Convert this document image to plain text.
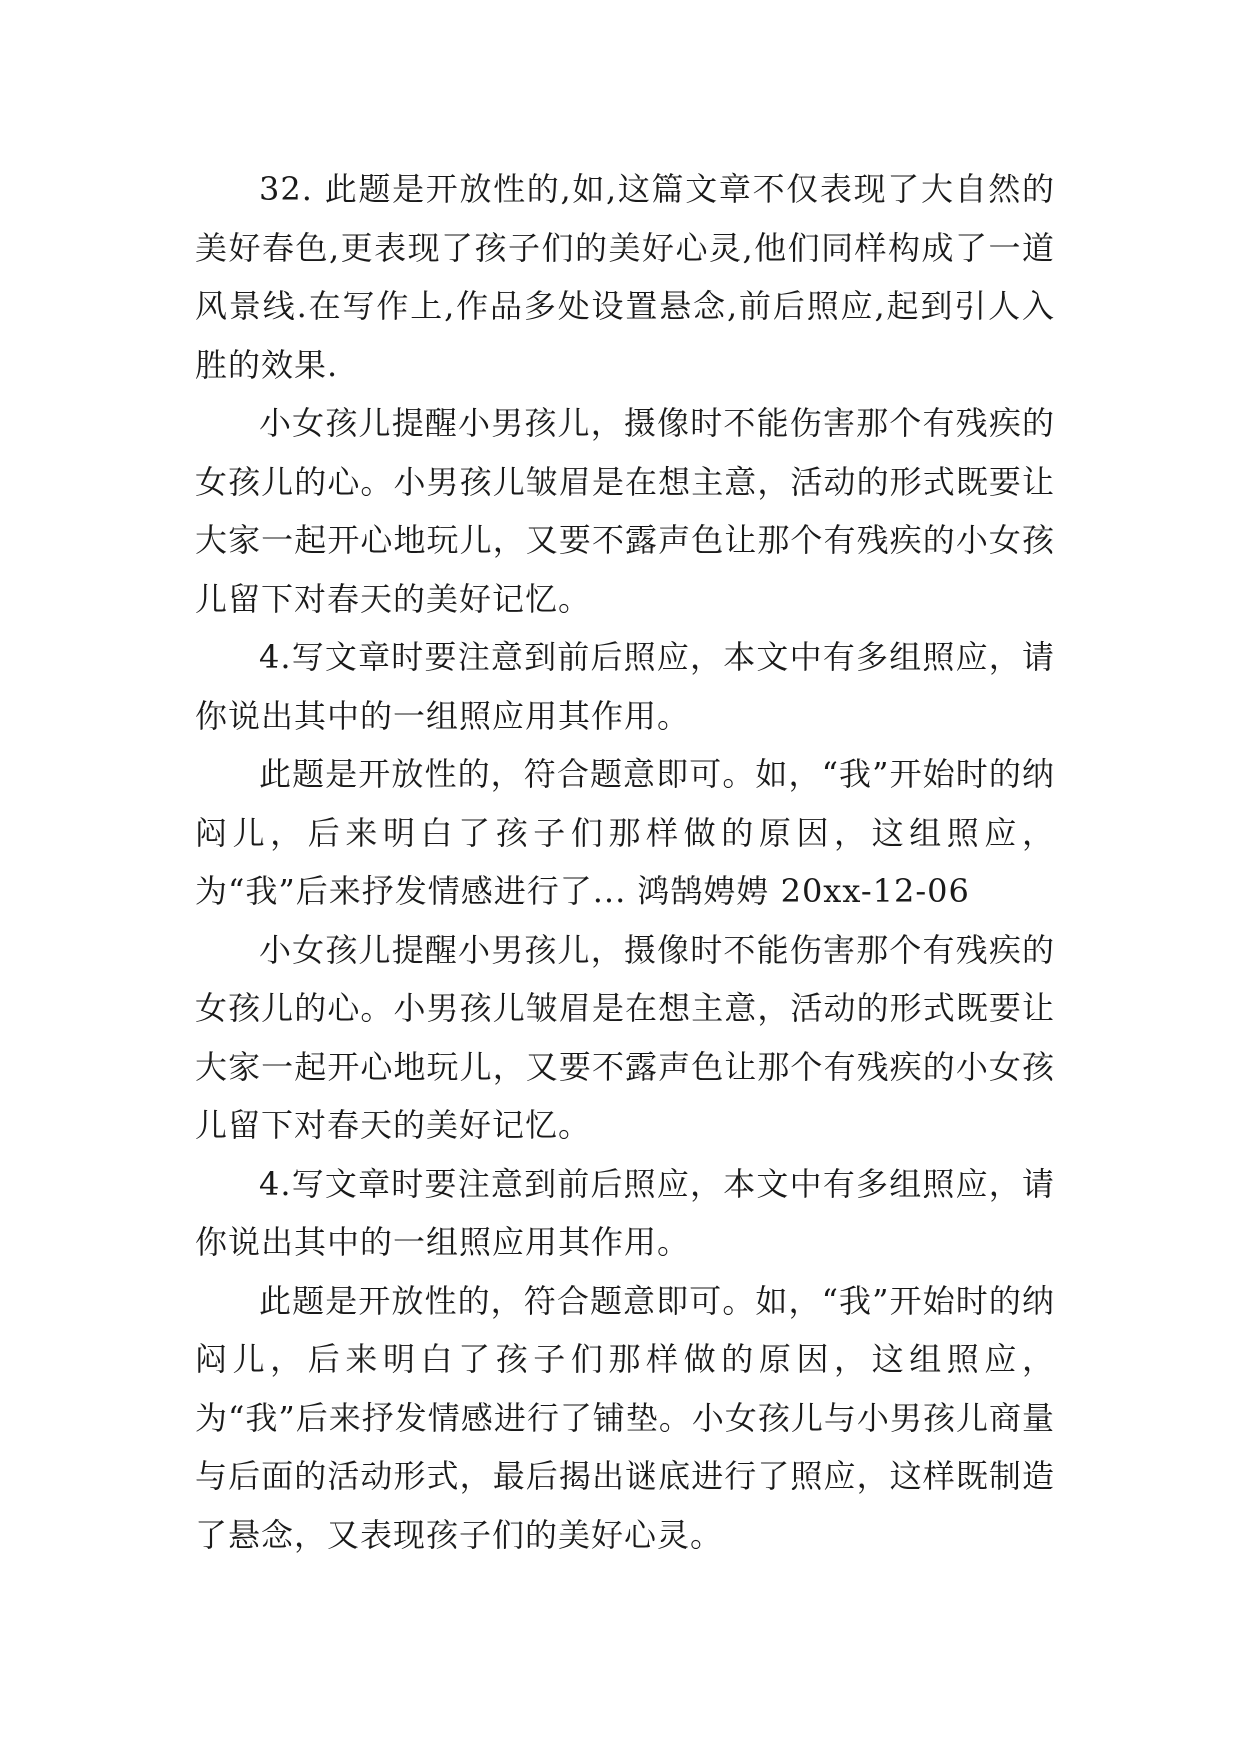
32. 此题是开放性的,如,这篇文章不仅表现了大自然的美好春色,更表现了孩子们的美好心灵,他们同样构成了一道风景线.在写作上,作品多处设置悬念,前后照应,起到引人入胜的效果.

小女孩儿提醒小男孩儿，摄像时不能伤害那个有残疾的女孩儿的心。小男孩儿皱眉是在想主意，活动的形式既要让大家一起开心地玩儿，又要不露声色让那个有残疾的小女孩儿留下对春天的美好记忆。

4.写文章时要注意到前后照应，本文中有多组照应，请你说出其中的一组照应用其作用。

此题是开放性的，符合题意即可。如，“我”开始时的纳闷儿，后来明白了孩子们那样做的原因，这组照应，为“我”后来抒发情感进行了... 鸿鹄娉娉 20xx-12-06

小女孩儿提醒小男孩儿，摄像时不能伤害那个有残疾的女孩儿的心。小男孩儿皱眉是在想主意，活动的形式既要让大家一起开心地玩儿，又要不露声色让那个有残疾的小女孩儿留下对春天的美好记忆。

4.写文章时要注意到前后照应，本文中有多组照应，请你说出其中的一组照应用其作用。

此题是开放性的，符合题意即可。如，“我”开始时的纳闷儿，后来明白了孩子们那样做的原因，这组照应，为“我”后来抒发情感进行了铺垫。小女孩儿与小男孩儿商量与后面的活动形式，最后揭出谜底进行了照应，这样既制造了悬念，又表现孩子们的美好心灵。
